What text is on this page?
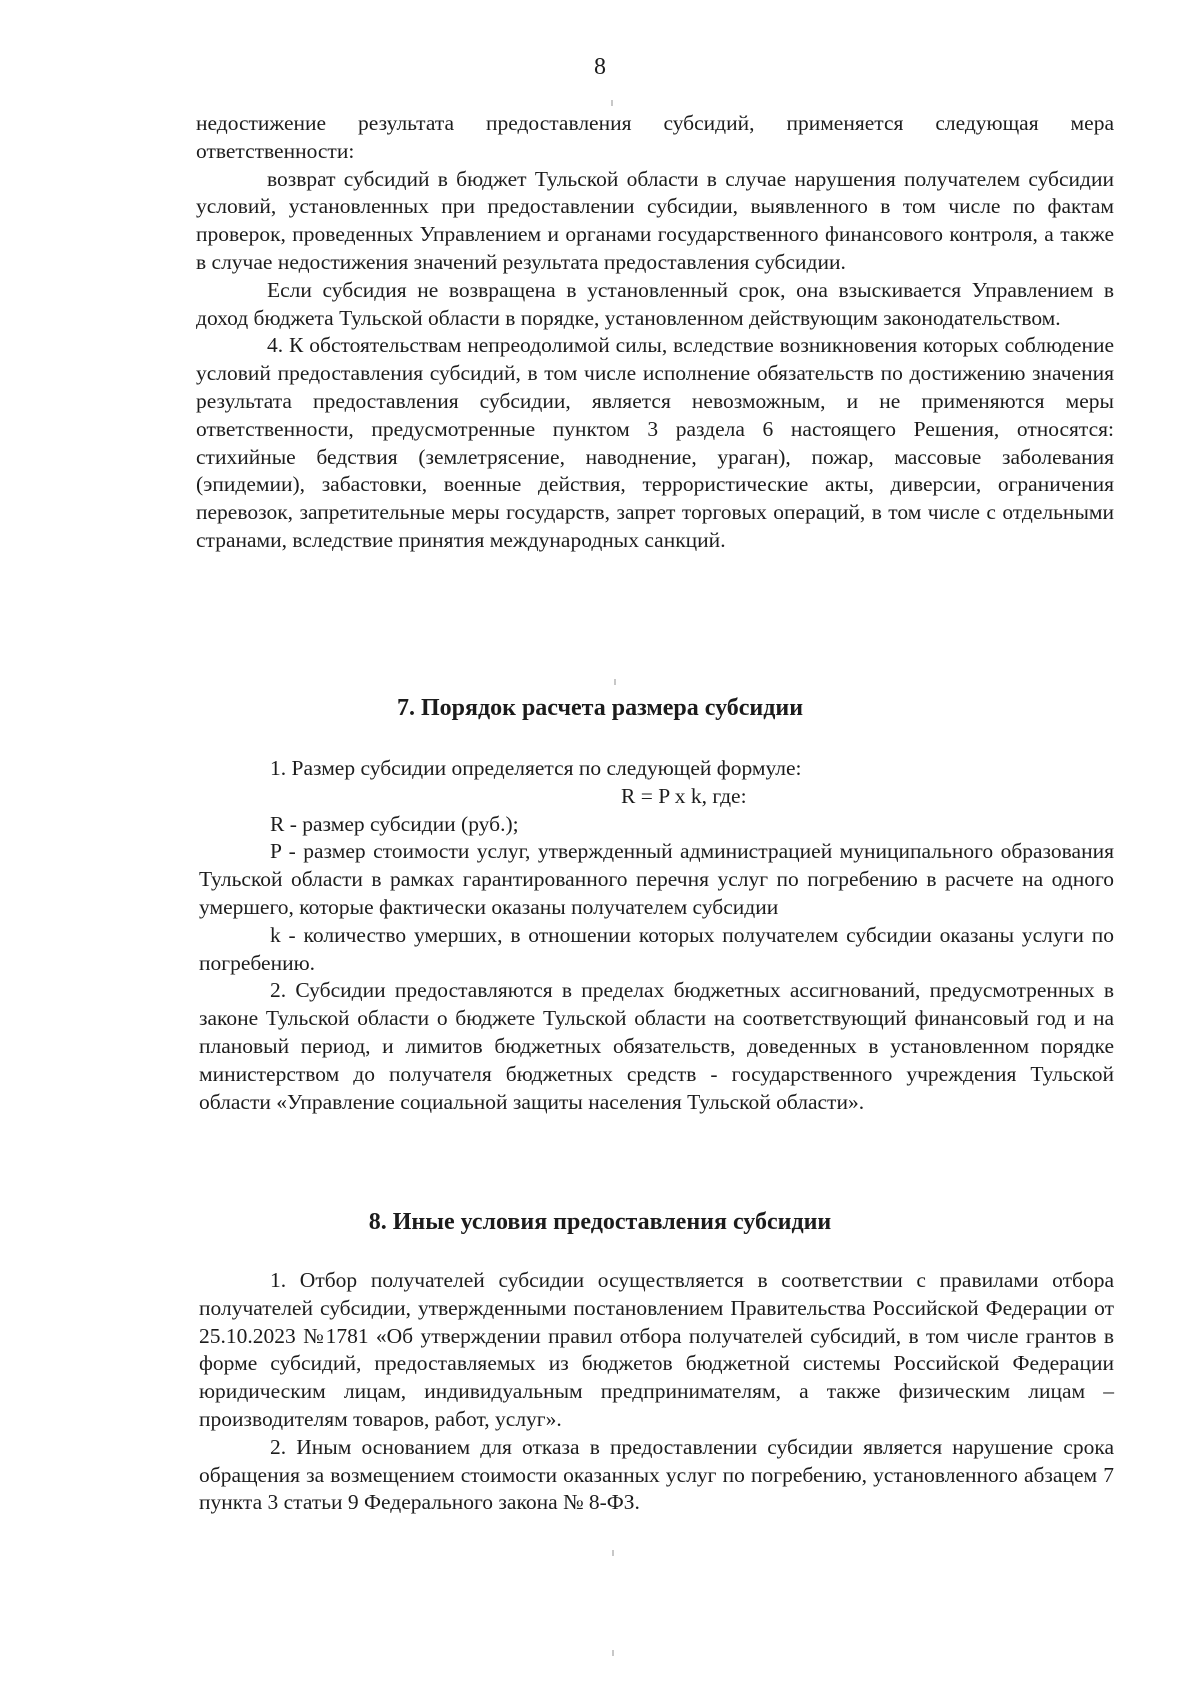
8

недостижение результата предоставления субсидий, применяется следующая мера ответственности:

возврат субсидий в бюджет Тульской области в случае нарушения получателем субсидии условий, установленных при предоставлении субсидии, выявленного в том числе по фактам проверок, проведенных Управлением и органами государственного финансового контроля, а также в случае недостижения значений результата предоставления субсидии.

Если субсидия не возвращена в установленный срок, она взыскивается Управлением в доход бюджета Тульской области в порядке, установленном действующим законодательством.

4. К обстоятельствам непреодолимой силы, вследствие возникновения которых соблюдение условий предоставления субсидий, в том числе исполнение обязательств по достижению значения результата предоставления субсидии, является невозможным, и не применяются меры ответственности, предусмотренные пунктом 3 раздела 6 настоящего Решения, относятся: стихийные бедствия (землетрясение, наводнение, ураган), пожар, массовые заболевания (эпидемии), забастовки, военные действия, террористические акты, диверсии, ограничения перевозок, запретительные меры государств, запрет торговых операций, в том числе с отдельными странами, вследствие принятия международных санкций.

7. Порядок расчета размера субсидии

1. Размер субсидии определяется по следующей формуле:

R = P x k, где:

R - размер субсидии (руб.);

P - размер стоимости услуг, утвержденный администрацией муниципального образования Тульской области в рамках гарантированного перечня услуг по погребению в расчете на одного умершего, которые фактически оказаны получателем субсидии

k - количество умерших, в отношении которых получателем субсидии оказаны услуги по погребению.

2. Субсидии предоставляются в пределах бюджетных ассигнований, предусмотренных в законе Тульской области о бюджете Тульской области на соответствующий финансовый год и на плановый период, и лимитов бюджетных обязательств, доведенных в установленном порядке министерством до получателя бюджетных средств - государственного учреждения Тульской области «Управление социальной защиты населения Тульской области».

8. Иные условия предоставления субсидии

1. Отбор получателей субсидии осуществляется в соответствии с правилами отбора получателей субсидии, утвержденными постановлением Правительства Российской Федерации от 25.10.2023 №1781 «Об утверждении правил отбора получателей субсидий, в том числе грантов в форме субсидий, предоставляемых из бюджетов бюджетной системы Российской Федерации юридическим лицам, индивидуальным предпринимателям, а также физическим лицам – производителям товаров, работ, услуг».

2. Иным основанием для отказа в предоставлении субсидии является нарушение срока обращения за возмещением стоимости оказанных услуг по погребению, установленного абзацем 7 пункта 3 статьи 9 Федерального закона № 8-ФЗ.
